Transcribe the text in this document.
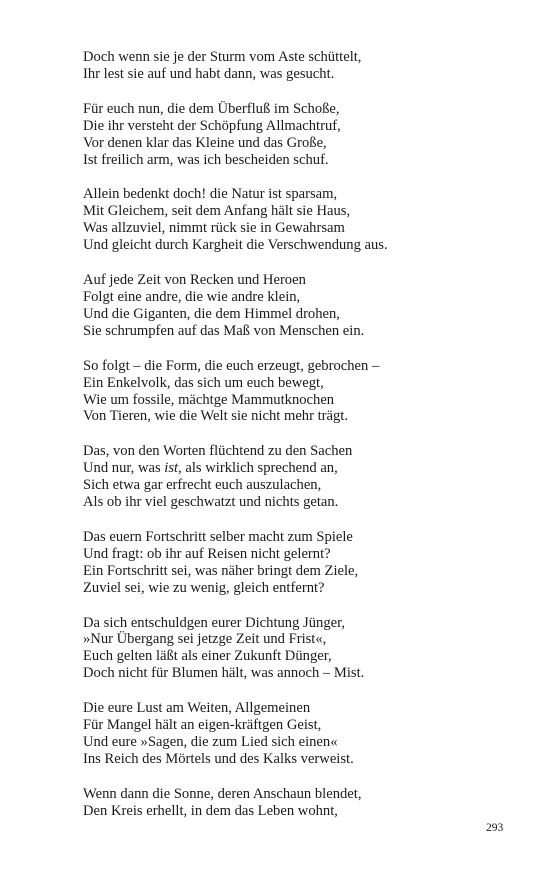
Doch wenn sie je der Sturm vom Aste schüttelt,
Ihr lest sie auf und habt dann, was gesucht.
Für euch nun, die dem Überfluß im Schoße,
Die ihr versteht der Schöpfung Allmachtruf,
Vor denen klar das Kleine und das Große,
Ist freilich arm, was ich bescheiden schuf.
Allein bedenkt doch! die Natur ist sparsam,
Mit Gleichem, seit dem Anfang hält sie Haus,
Was allzuviel, nimmt rück sie in Gewahrsam
Und gleicht durch Kargheit die Verschwendung aus.
Auf jede Zeit von Recken und Heroen
Folgt eine andre, die wie andre klein,
Und die Giganten, die dem Himmel drohen,
Sie schrumpfen auf das Maß von Menschen ein.
So folgt – die Form, die euch erzeugt, gebrochen –
Ein Enkelvolk, das sich um euch bewegt,
Wie um fossile, mächtge Mammutknochen
Von Tieren, wie die Welt sie nicht mehr trägt.
Das, von den Worten flüchtend zu den Sachen
Und nur, was ist, als wirklich sprechend an,
Sich etwa gar erfrecht euch auszulachen,
Als ob ihr viel geschwatzt und nichts getan.
Das euern Fortschritt selber macht zum Spiele
Und fragt: ob ihr auf Reisen nicht gelernt?
Ein Fortschritt sei, was näher bringt dem Ziele,
Zuviel sei, wie zu wenig, gleich entfernt?
Da sich entschuldgen eurer Dichtung Jünger,
»Nur Übergang sei jetzge Zeit und Frist«,
Euch gelten läßt als einer Zukunft Dünger,
Doch nicht für Blumen hält, was annoch – Mist.
Die eure Lust am Weiten, Allgemeinen
Für Mangel hält an eigen-kräftgen Geist,
Und eure »Sagen, die zum Lied sich einen«
Ins Reich des Mörtels und des Kalks verweist.
Wenn dann die Sonne, deren Anschaun blendet,
Den Kreis erhellt, in dem das Leben wohnt,
293
